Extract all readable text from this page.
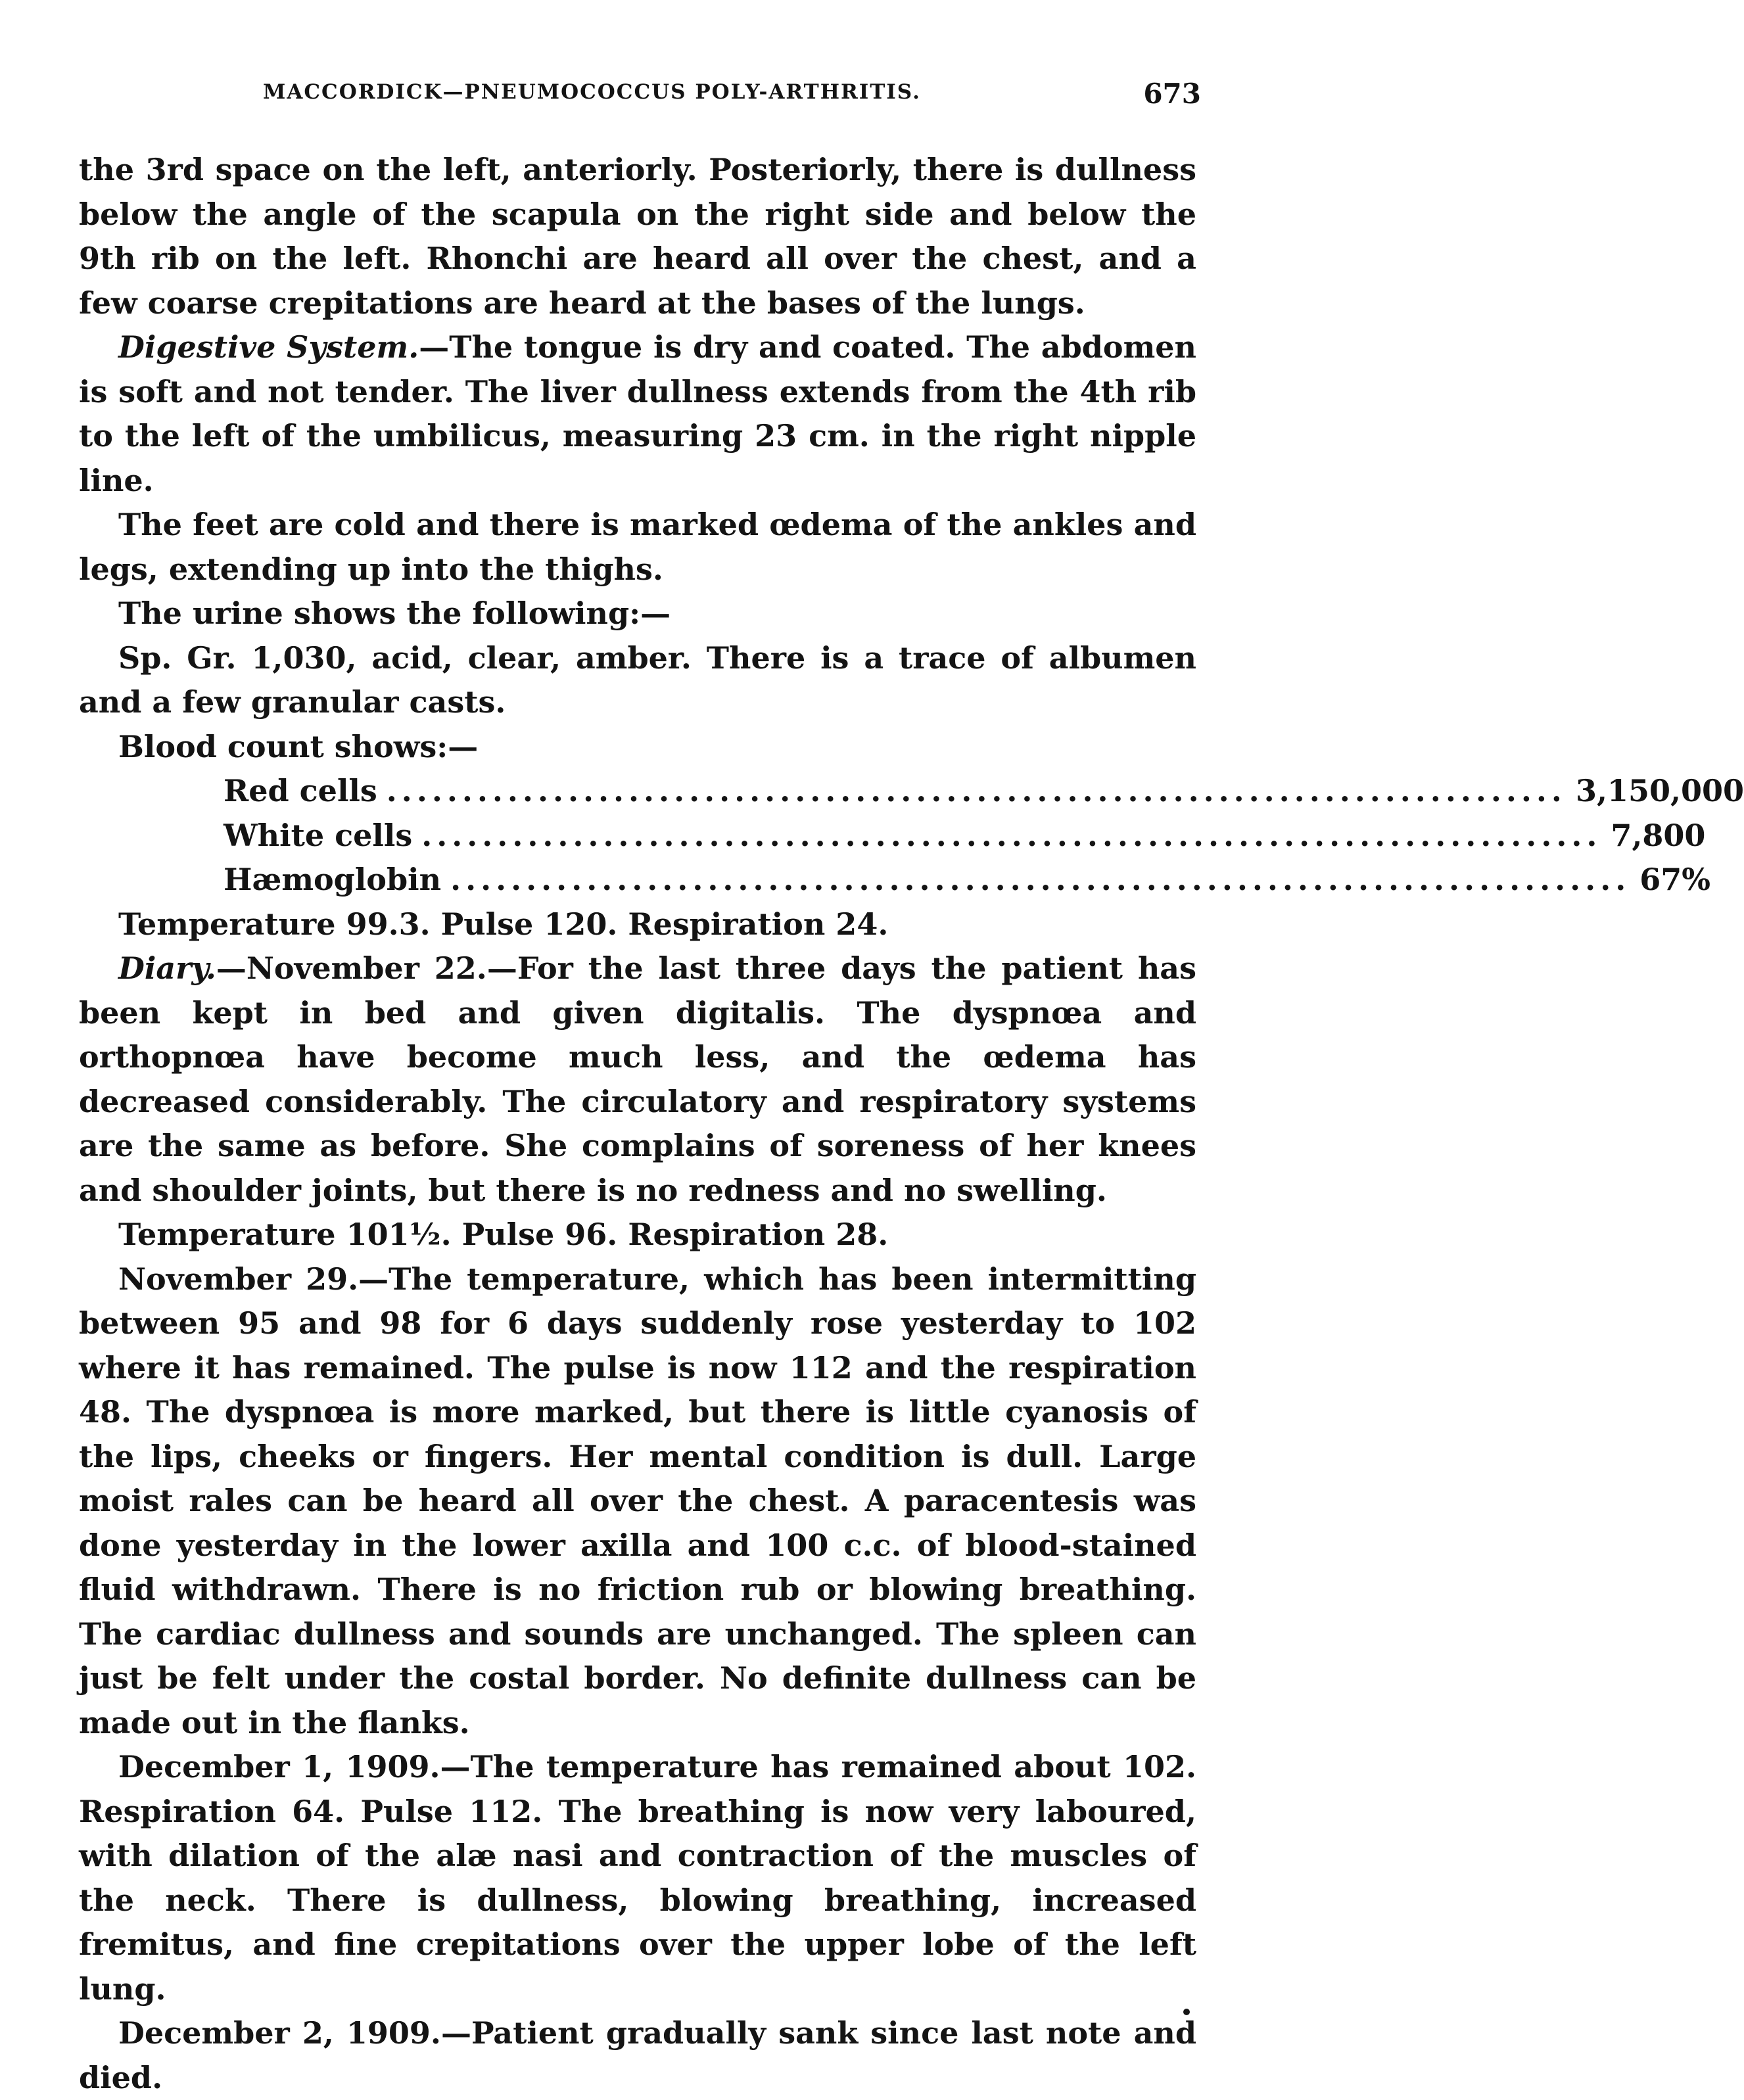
MACCORDICK—PNEUMOCOCCUS POLY-ARTHRITIS.	673

the 3rd space on the left, anteriorly. Posteriorly, there is dullness below the angle of the scapula on the right side and below the 9th rib on the left. Rhonchi are heard all over the chest, and a few coarse crepitations are heard at the bases of the lungs.

Digestive System.—The tongue is dry and coated. The abdomen is soft and not tender. The liver dullness extends from the 4th rib to the left of the umbilicus, measuring 23 cm. in the right nipple line.

The feet are cold and there is marked œdema of the ankles and legs, extending up into the thighs.

The urine shows the following:—

Sp. Gr. 1,030, acid, clear, amber. There is a trace of albumen and a few granular casts.

Blood count shows:—

Red cells .............................................................................. 3,150,000
White cells .............................................................................. 7,800
Hæmoglobin .............................................................................. 67%

Temperature 99.3. Pulse 120. Respiration 24.

Diary.—November 22.—For the last three days the patient has been kept in bed and given digitalis. The dyspnœa and orthopnœa have become much less, and the œdema has decreased considerably. The circulatory and respiratory systems are the same as before. She complains of soreness of her knees and shoulder joints, but there is no redness and no swelling.

Temperature 101½. Pulse 96. Respiration 28.

November 29.—The temperature, which has been intermitting between 95 and 98 for 6 days suddenly rose yesterday to 102 where it has remained. The pulse is now 112 and the respiration 48. The dyspnœa is more marked, but there is little cyanosis of the lips, cheeks or fingers. Her mental condition is dull. Large moist rales can be heard all over the chest. A paracentesis was done yesterday in the lower axilla and 100 c.c. of blood-stained fluid withdrawn. There is no friction rub or blowing breathing. The cardiac dullness and sounds are unchanged. The spleen can just be felt under the costal border. No definite dullness can be made out in the flanks.

December 1, 1909.—The temperature has remained about 102. Respiration 64. Pulse 112. The breathing is now very laboured, with dilation of the alæ nasi and contraction of the muscles of the neck. There is dullness, blowing breathing, increased fremitus, and fine crepitations over the upper lobe of the left lung.

December 2, 1909.—Patient gradually sank since last note and died.
